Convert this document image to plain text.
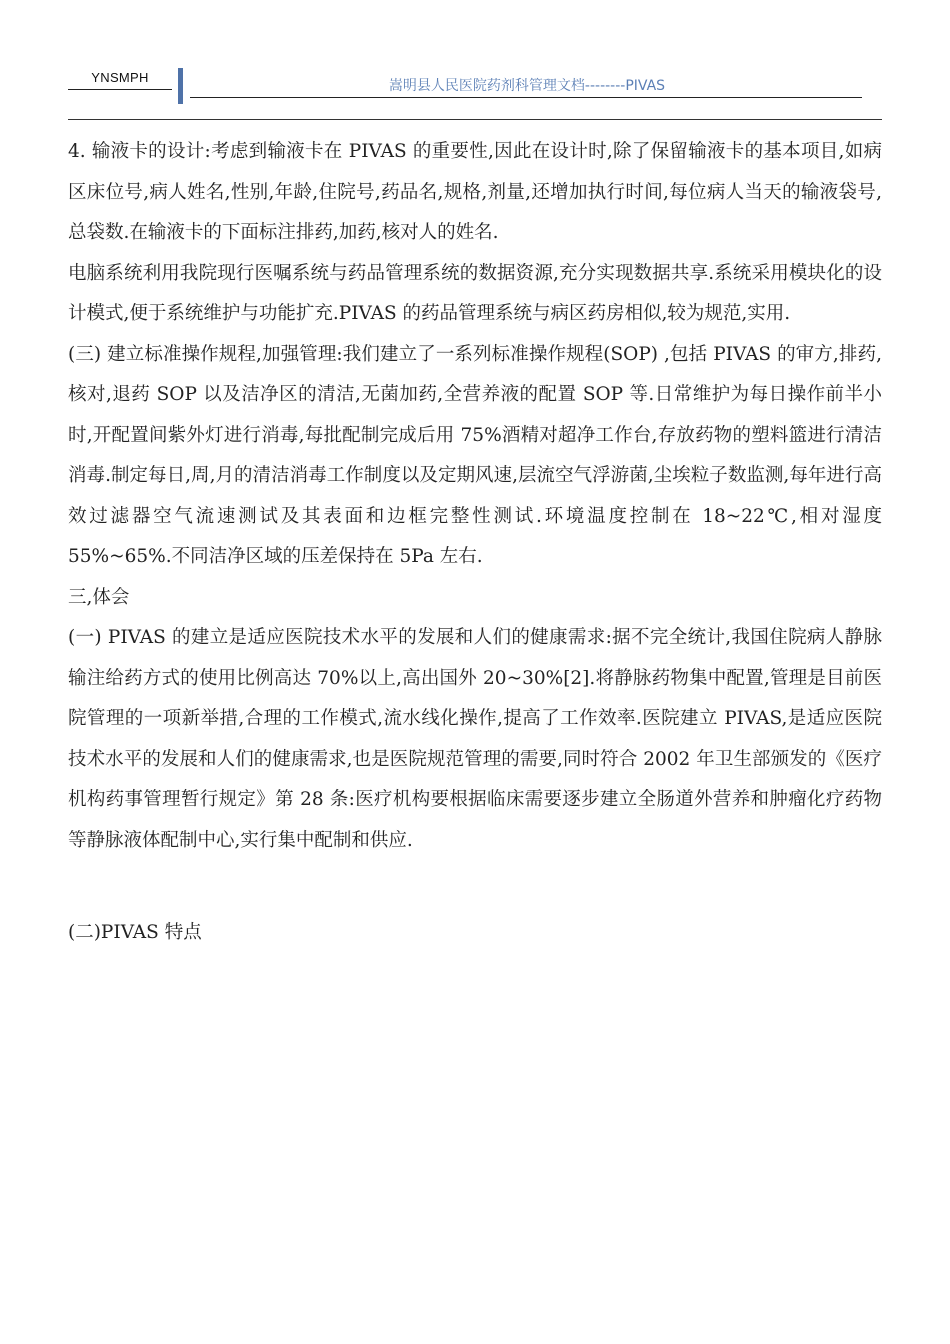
YNSMPH
嵩明县人民医院药剂科管理文档--------PIVAS

4. 输液卡的设计:考虑到输液卡在 PIVAS 的重要性,因此在设计时,除了保留输液卡的基本项目,如病区床位号,病人姓名,性别,年龄,住院号,药品名,规格,剂量,还增加执行时间,每位病人当天的输液袋号,总袋数.在输液卡的下面标注排药,加药,核对人的姓名.

电脑系统利用我院现行医嘱系统与药品管理系统的数据资源,充分实现数据共享.系统采用模块化的设计模式,便于系统维护与功能扩充.PIVAS 的药品管理系统与病区药房相似,较为规范,实用.

(三) 建立标准操作规程,加强管理:我们建立了一系列标准操作规程(SOP) ,包括 PIVAS 的审方,排药,核对,退药 SOP 以及洁净区的清洁,无菌加药,全营养液的配置 SOP 等.日常维护为每日操作前半小时,开配置间紫外灯进行消毒,每批配制完成后用 75%酒精对超净工作台,存放药物的塑料篮进行清洁消毒.制定每日,周,月的清洁消毒工作制度以及定期风速,层流空气浮游菌,尘埃粒子数监测,每年进行高效过滤器空气流速测试及其表面和边框完整性测试.环境温度控制在 18~22℃,相对湿度 55%~65%.不同洁净区域的压差保持在 5Pa 左右.

三,体会

(一) PIVAS 的建立是适应医院技术水平的发展和人们的健康需求:据不完全统计,我国住院病人静脉输注给药方式的使用比例高达 70%以上,高出国外 20~30%[2].将静脉药物集中配置,管理是目前医院管理的一项新举措,合理的工作模式,流水线化操作,提高了工作效率.医院建立 PIVAS,是适应医院技术水平的发展和人们的健康需求,也是医院规范管理的需要,同时符合 2002 年卫生部颁发的《医疗机构药事管理暂行规定》第 28 条:医疗机构要根据临床需要逐步建立全肠道外营养和肿瘤化疗药物等静脉液体配制中心,实行集中配制和供应.

(二)PIVAS 特点
